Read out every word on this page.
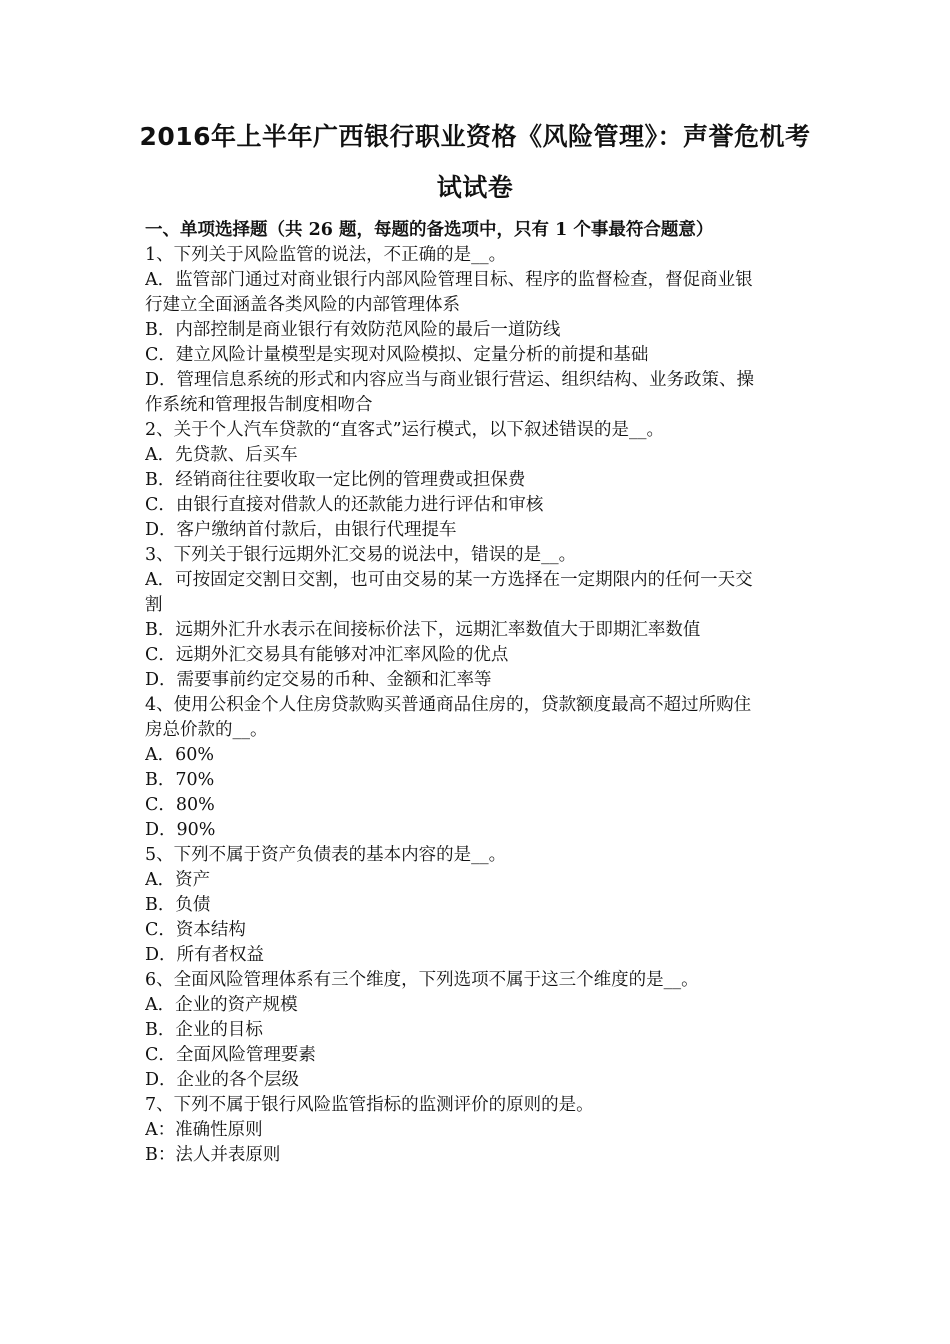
2016年上半年广西银行职业资格《风险管理》：声誉危机考
试试卷
一、单项选择题（共 26 题，每题的备选项中，只有 1 个事最符合题意）
1、下列关于风险监管的说法，不正确的是__。
A．监管部门通过对商业银行内部风险管理目标、程序的监督检查，督促商业银
行建立全面涵盖各类风险的内部管理体系
B．内部控制是商业银行有效防范风险的最后一道防线
C．建立风险计量模型是实现对风险模拟、定量分析的前提和基础
D．管理信息系统的形式和内容应当与商业银行营运、组织结构、业务政策、操
作系统和管理报告制度相吻合
2、关于个人汽车贷款的“直客式”运行模式，以下叙述错误的是__。
A．先贷款、后买车
B．经销商往往要收取一定比例的管理费或担保费
C．由银行直接对借款人的还款能力进行评估和审核
D．客户缴纳首付款后，由银行代理提车
3、下列关于银行远期外汇交易的说法中，错误的是__。
A．可按固定交割日交割，也可由交易的某一方选择在一定期限内的任何一天交
割
B．远期外汇升水表示在间接标价法下，远期汇率数值大于即期汇率数值
C．远期外汇交易具有能够对冲汇率风险的优点
D．需要事前约定交易的币种、金额和汇率等
4、使用公积金个人住房贷款购买普通商品住房的，贷款额度最高不超过所购住
房总价款的__。
A．60%
B．70%
C．80%
D．90%
5、下列不属于资产负债表的基本内容的是__。
A．资产
B．负债
C．资本结构
D．所有者权益
6、全面风险管理体系有三个维度，下列选项不属于这三个维度的是__。
A．企业的资产规模
B．企业的目标
C．全面风险管理要素
D．企业的各个层级
7、下列不属于银行风险监管指标的监测评价的原则的是。
A：准确性原则
B：法人并表原则
